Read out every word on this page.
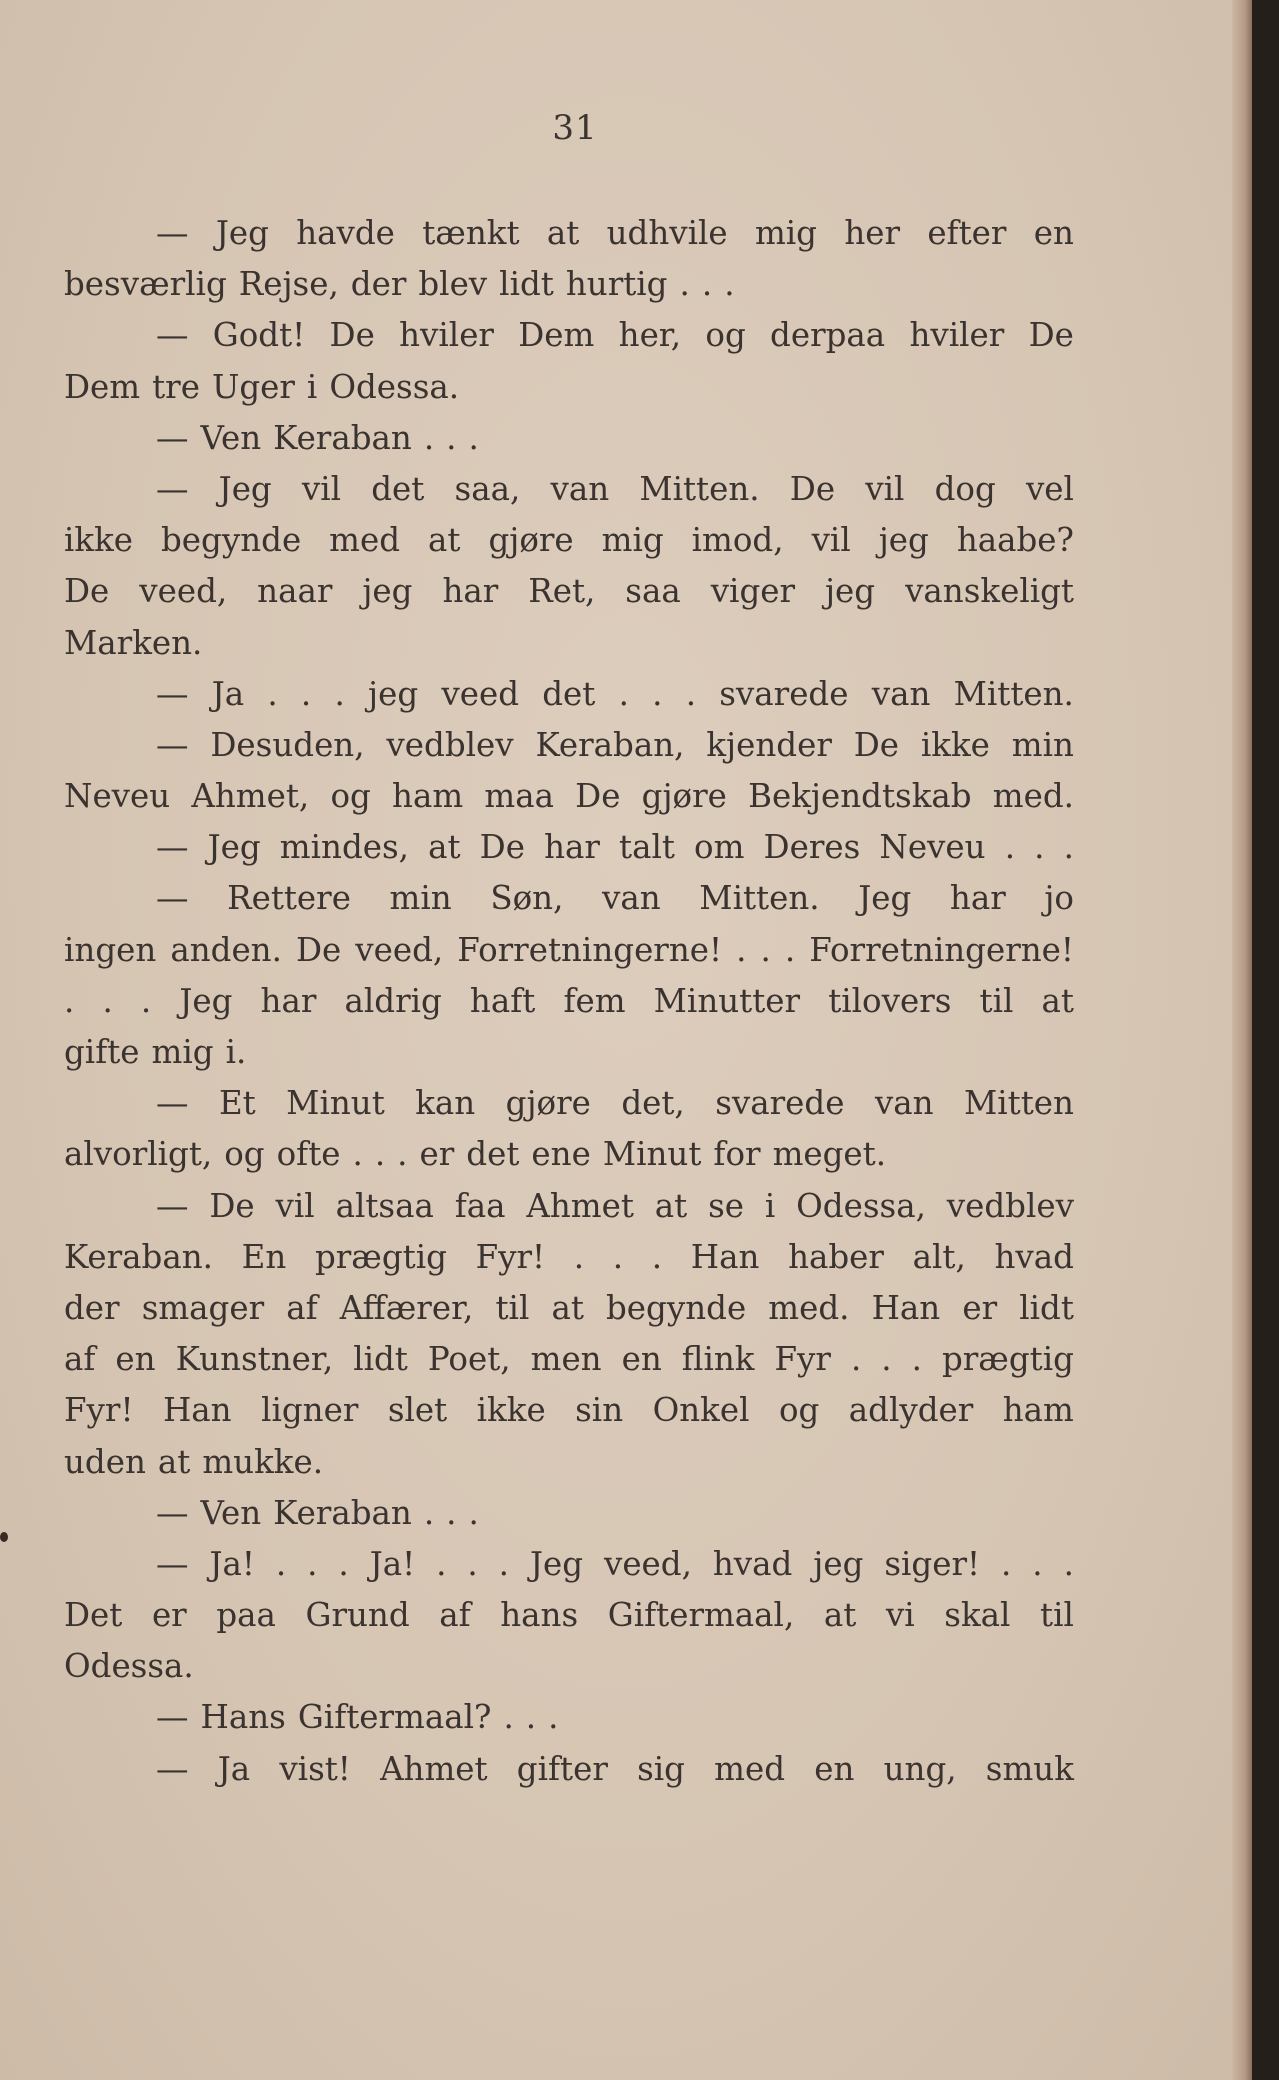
31
— Jeg havde tænkt at udhvile mig her efter en
besværlig Rejse, der blev lidt hurtig . . .
— Godt! De hviler Dem her, og derpaa hviler De
Dem tre Uger i Odessa.
— Ven Keraban . . .
— Jeg vil det saa, van Mitten. De vil dog vel
ikke begynde med at gjøre mig imod, vil jeg haabe?
De veed, naar jeg har Ret, saa viger jeg vanskeligt
Marken.
— Ja . . . jeg veed det . . . svarede van Mitten.
— Desuden, vedblev Keraban, kjender De ikke min
Neveu Ahmet, og ham maa De gjøre Bekjendtskab med.
— Jeg mindes, at De har talt om Deres Neveu . . .
— Rettere min Søn, van Mitten. Jeg har jo
ingen anden. De veed, Forretningerne! . . . Forretningerne!
. . . Jeg har aldrig haft fem Minutter tilovers til at
gifte mig i.
— Et Minut kan gjøre det, svarede van Mitten
alvorligt, og ofte . . . er det ene Minut for meget.
— De vil altsaa faa Ahmet at se i Odessa, vedblev
Keraban. En prægtig Fyr! . . . Han haber alt, hvad
der smager af Affærer, til at begynde med. Han er lidt
af en Kunstner, lidt Poet, men en flink Fyr . . . prægtig
Fyr! Han ligner slet ikke sin Onkel og adlyder ham
uden at mukke.
— Ven Keraban . . .
— Ja! . . . Ja! . . . Jeg veed, hvad jeg siger! . . .
Det er paa Grund af hans Giftermaal, at vi skal til
Odessa.
— Hans Giftermaal? . . .
— Ja vist! Ahmet gifter sig med en ung, smuk
